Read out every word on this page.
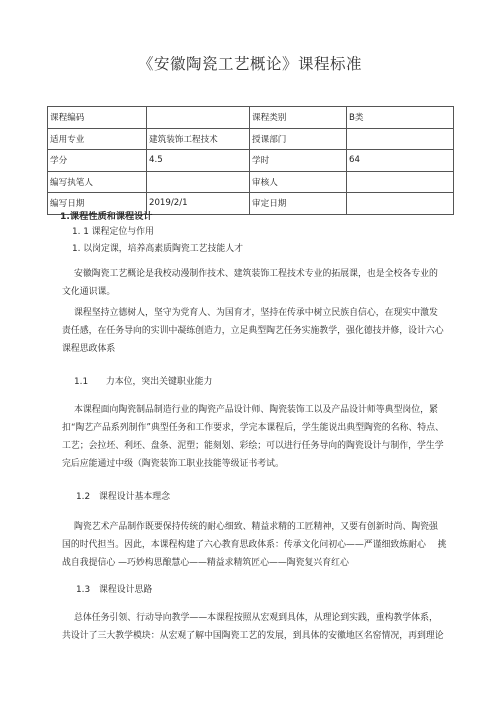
《安徽陶瓷工艺概论》课程标准
课程编码		课程类别	B类
适用专业	建筑装饰工程技术	授课部门	
学分	4.5	学时	64
编写执笔人		审核人	
编写日期	2019/2/1	审定日期	
1.课程性质和课程设计
1. 1 课程定位与作用
1. 以岗定课，培养高素质陶瓷工艺技能人才
安徽陶瓷工艺概论是我校动漫制作技术、建筑装饰工程技术专业的拓展课，也是全校各专业的
文化通识课。
课程坚持立德树人，坚守为党育人、为国育才，坚持在传承中树立民族自信心，在现实中激发
责任感，在任务导向的实训中凝练创造力，立足典型陶艺任务实施教学，强化德技并修，设计六心
课程思政体系
1.1　　力本位，突出关键职业能力
本课程面向陶瓷制品制造行业的陶瓷产品设计师、陶瓷装饰工以及产品设计师等典型岗位，紧
扣“陶艺产品系列制作”典型任务和工作要求，学完本课程后，学生能说出典型陶瓷的名称、特点、
工艺；会拉坯、利坯、盘条、泥塑；能刻划、彩绘；可以进行任务导向的陶瓷设计与制作，学生学
完后应能通过中级（陶瓷装饰工职业技能等级证书考试。
1.2　课程设计基本理念
陶瓷艺术产品制作既要保持传统的耐心细致、精益求精的工匠精神，又要有创新时尚、陶瓷强
国的时代担当。因此，本课程构建了六心教育思政体系：传承文化问初心——严谨细致炼耐心　 挑
战自我提信心 —巧妙构思酿慧心——精益求精筑匠心——陶瓷复兴育红心
1.3　课程设计思路
总体任务引领、行动导向教学——本课程按照从宏观到具体，从理论到实践，重构教学体系，
共设计了三大教学模块：从宏观了解中国陶瓷工艺的发展，到具体的安徽地区名窑情况，再到理论
